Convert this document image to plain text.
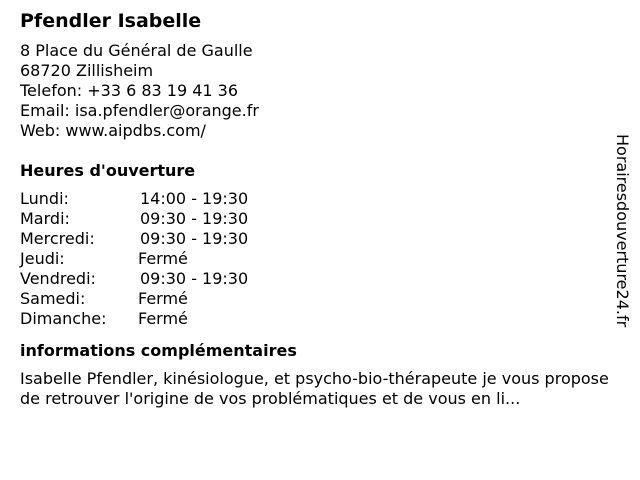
Pfendler Isabelle
8 Place du Général de Gaulle
68720 Zillisheim
Telefon: +33 6 83 19 41 36
Email: isa.pfendler@orange.fr
Web: www.aipdbs.com/
Heures d'ouverture
Lundi:	14:00 - 19:30
Mardi:	09:30 - 19:30
Mercredi:	09:30 - 19:30
Jeudi:	Fermé
Vendredi:	09:30 - 19:30
Samedi:	Fermé
Dimanche:	Fermé
informations complémentaires
Isabelle Pfendler, kinésiologue, et psycho-bio-thérapeute je vous propose de retrouver l'origine de vos problématiques et de vous en li...
Horairesdouverture24.fr
